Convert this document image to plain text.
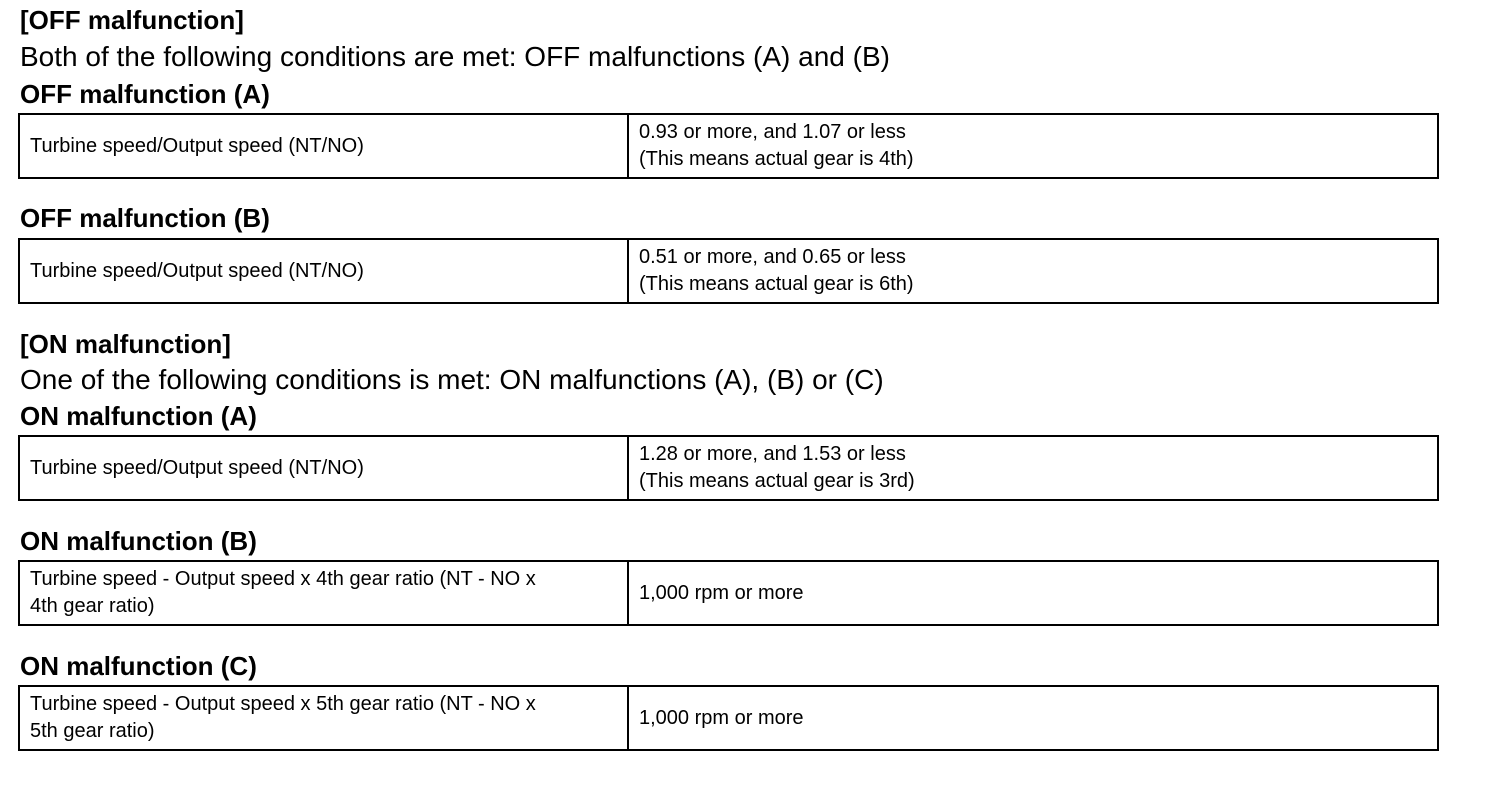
[OFF malfunction]
Both of the following conditions are met: OFF malfunctions (A) and (B)
OFF malfunction (A)
Turbine speed/Output speed (NT/NO)

0.93 or more, and 1.07 or less
(This means actual gear is 4th)
OFF malfunction (B)
Turbine speed/Output speed (NT/NO)

0.51 or more, and 0.65 or less
(This means actual gear is 6th)
[ON malfunction]
One of the following conditions is met: ON malfunctions (A), (B) or (C)
ON malfunction (A)
Turbine speed/Output speed (NT/NO)

1.28 or more, and 1.53 or less
(This means actual gear is 3rd)
ON malfunction (B)
Turbine speed - Output speed x 4th gear ratio (NT - NO x
4th gear ratio)

1,000 rpm or more
ON malfunction (C)
Turbine speed - Output speed x 5th gear ratio (NT - NO x
5th gear ratio)

1,000 rpm or more
